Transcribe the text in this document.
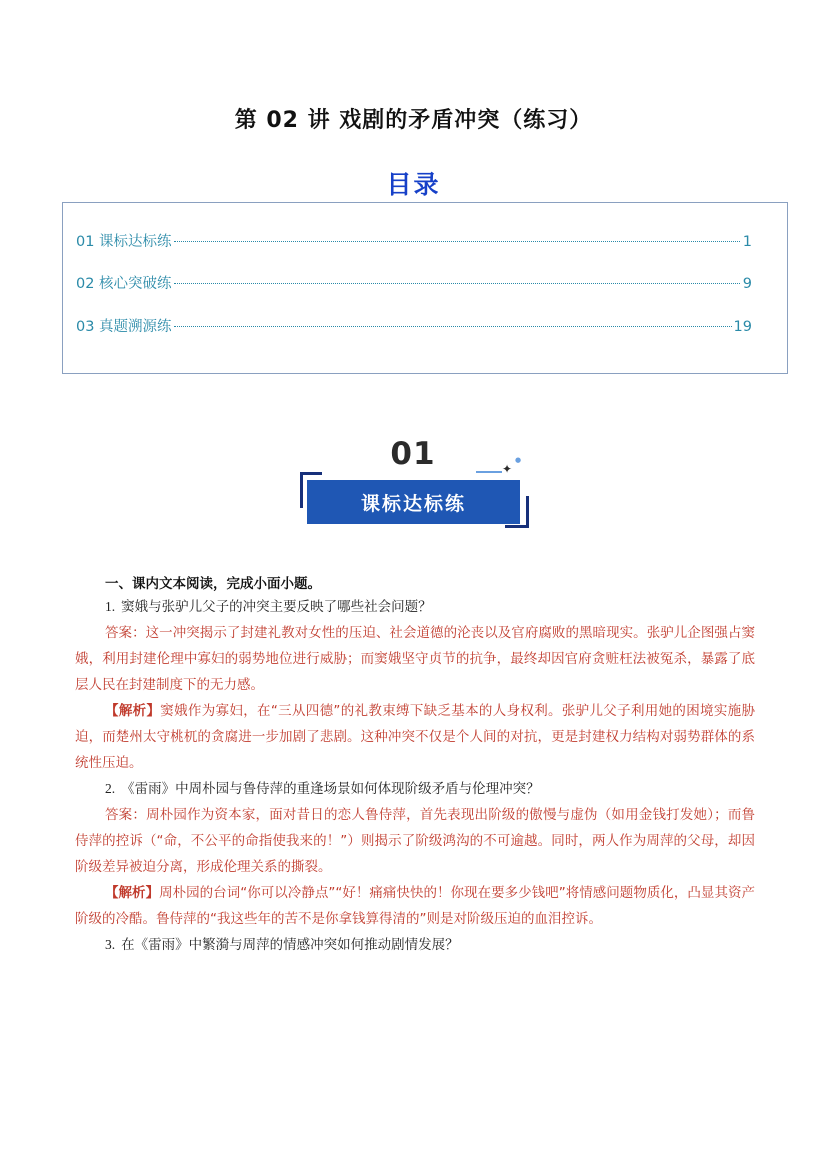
第 02 讲 戏剧的矛盾冲突（练习）
目录
01 课标达标练	1
02 核心突破练	9
03 真题溯源练	19
01	✦
●
课标达标练
一、课内文本阅读，完成小面小题。
1. 窦娥与张驴儿父子的冲突主要反映了哪些社会问题？
答案：这一冲突揭示了封建礼教对女性的压迫、社会道德的沦丧以及官府腐败的黑暗现实。张驴儿企图强占窦娥，利用封建伦理中寡妇的弱势地位进行威胁；而窦娥坚守贞节的抗争，最终却因官府贪赃枉法被冤杀，暴露了底层人民在封建制度下的无力感。
【解析】窦娥作为寡妇，在“三从四德”的礼教束缚下缺乏基本的人身权利。张驴儿父子利用她的困境实施胁迫，而楚州太守桃杌的贪腐进一步加剧了悲剧。这种冲突不仅是个人间的对抗，更是封建权力结构对弱势群体的系统性压迫。
2. 《雷雨》中周朴园与鲁侍萍的重逢场景如何体现阶级矛盾与伦理冲突？
答案：周朴园作为资本家，面对昔日的恋人鲁侍萍，首先表现出阶级的傲慢与虚伪（如用金钱打发她）；而鲁侍萍的控诉（“命，不公平的命指使我来的！”）则揭示了阶级鸿沟的不可逾越。同时，两人作为周萍的父母，却因阶级差异被迫分离，形成伦理关系的撕裂。
【解析】周朴园的台词“你可以冷静点”“好！痛痛快快的！你现在要多少钱吧”将情感问题物质化，凸显其资产阶级的冷酷。鲁侍萍的“我这些年的苦不是你拿钱算得清的”则是对阶级压迫的血泪控诉。
3. 在《雷雨》中繁漪与周萍的情感冲突如何推动剧情发展？
